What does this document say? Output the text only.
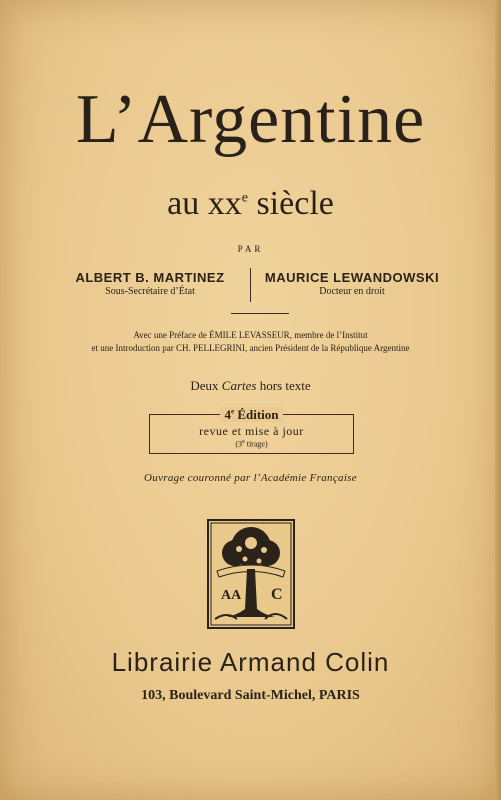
L’Argentine
au $xx^e$ siècle
PAR
ALBERT B. MARTINEZ
Sous-Secrétaire d’État
MAURICE LEWANDOWSKI
Docteur en droit
Avec une Préface de ÉMILE LEVASSEUR, membre de l’Institut
et une Introduction par CH. PELLEGRINI, ancien Président de la République Argentine
Deux Cartes hors texte
4e Édition
revue et mise à jour
(3e tirage)
Ouvrage couronné par l’Académie Française
AA C
Librairie Armand Colin
103, Boulevard Saint-Michel, PARIS
